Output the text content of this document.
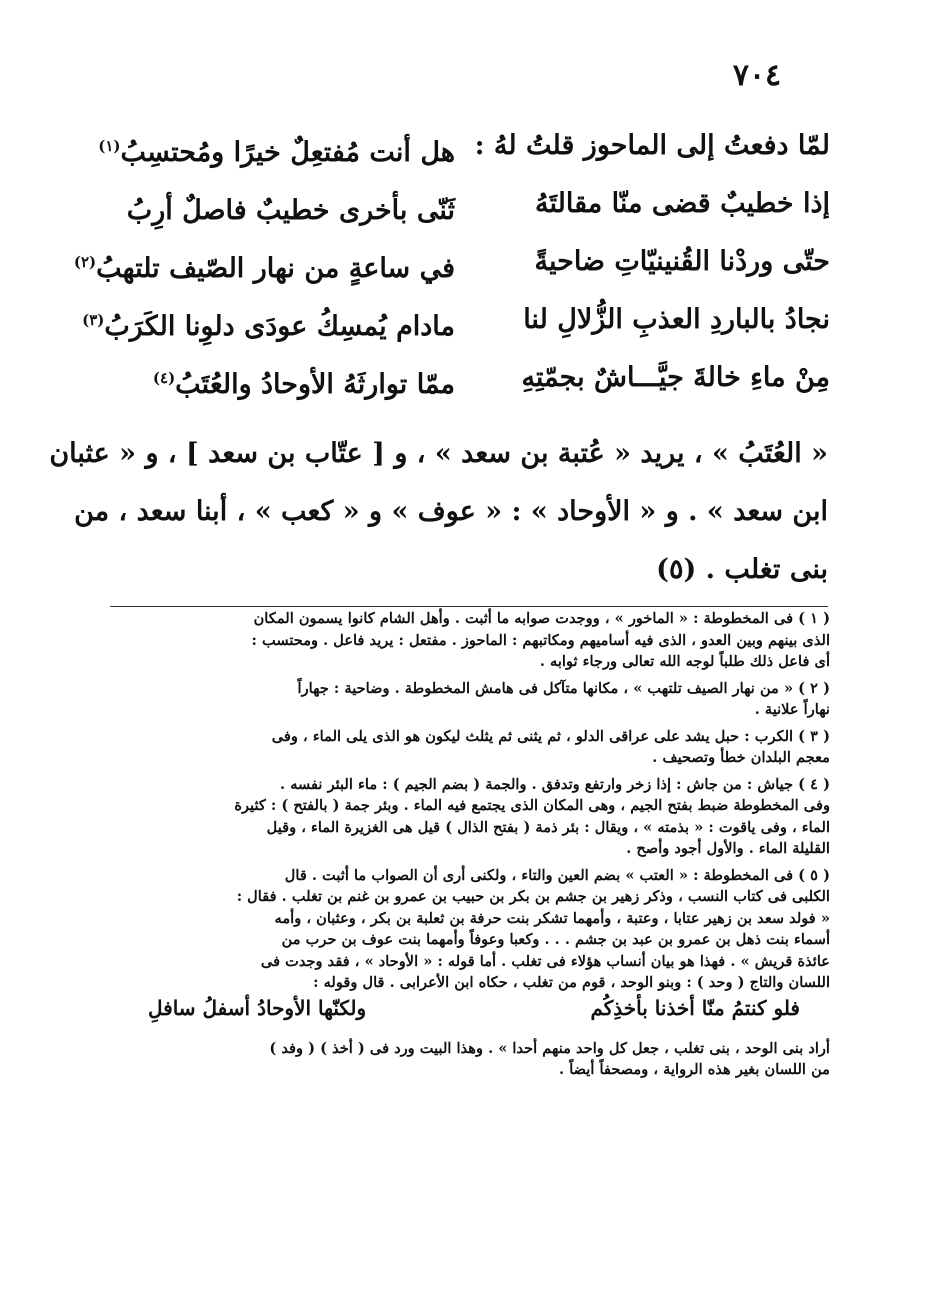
٧٠٤
لمّا دفعتُ إلى الماحوز قلتُ لهُ :
هل أنت مُفتعِلٌ خيرًا ومُحتسِبُ$^{(١)}$
إذا خطيبٌ قضى منّا مقالتَهُ
ثَنّى بأخرى خطيبٌ فاصلٌ أرِبُ
حتّى وردْنا القُنينيّاتِ ضاحيةً
في ساعةٍ من نهار الصّيف تلتهبُ$^{(٢)}$
نجادُ بالباردِ العذبِ الزُّلالِ لنا
مادام يُمسِكُ عودَى دلوِنا الكَرَبُ$^{(٣)}$
مِنْ ماءِ خالةَ جيَّـــاشٌ بجمّتِهِ
ممّا توارثَهُ الأوحادُ والعُتَبُ$^{(٤)}$
« العُتَبُ » ، يريد « عُتبة بن سعد » ، و [ عتّاب بن سعد ] ، و « عثبان
ابن سعد » . و « الأوحاد » : « عوف » و « كعب » ، أبنا سعد ، من
بنى تغلب . (٥)
( ١ ) فى المخطوطة : « الماخور » ، ووجدت صوابه ما أثبت . وأهل الشام كانوا يسمون المكان
الذى بينهم وبين العدو ، الذى فيه أساميهم ومكاتبهم : الماحوز . مفتعل : يريد فاعل . ومحتسب :
أى فاعل ذلك طلباً لوجه الله تعالى ورجاء ثوابه .
( ٢ ) « من نهار الصيف تلتهب » ، مكانها متآكل فى هامش المخطوطة . وضاحية : جهاراً
نهاراً علانية .
( ٣ ) الكرب : حبل يشد على عراقى الدلو ، ثم يثنى ثم يثلث ليكون هو الذى يلى الماء ، وفى
معجم البلدان خطأ وتصحيف .
( ٤ ) جياش : من جاش : إذا زخر وارتفع وتدفق . والجمة ( بضم الجيم ) : ماء البئر نفسه .
وفى المخطوطة ضبط بفتح الجيم ، وهى المكان الذى يجتمع فيه الماء . وبئر جمة ( بالفتح ) : كثيرة
الماء ، وفى ياقوت : « بذمته » ، ويقال : بئر ذمة ( بفتح الذال ) قيل هى الغزيرة الماء ، وقيل
القليلة الماء . والأول أجود وأصح .
( ٥ ) فى المخطوطة : « العتب » بضم العين والتاء ، ولكنى أرى أن الصواب ما أثبت . قال
الكلبى فى كتاب النسب ، وذكر زهير بن جشم بن بكر بن حبيب بن عمرو بن غنم بن تغلب . فقال :
« فولد سعد بن زهير عتابا ، وعتبة ، وأمهما تشكر بنت حرفة بن ثعلبة بن بكر ، وعثبان ، وأمه
أسماء بنت ذهل بن عمرو بن عبد بن جشم . . . وكعبا وعوفاً وأمهما بنت عوف بن حرب من
عائذة قريش » . فهذا هو بيان أنساب هؤلاء فى تغلب . أما قوله : « الأوحاد » ، فقد وجدت فى
اللسان والتاج ( وحد ) : وبنو الوحد ، قوم من تغلب ، حكاه ابن الأعرابى . قال وقوله :
فلو كنتمُ منّا أخذنا بأخذِكُم
ولكنّها الأوحادُ أسفلُ سافلِ
أراد بنى الوحد ، بنى تغلب ، جعل كل واحد منهم أحدا » . وهذا البيت ورد فى ( أخذ ) ( وفد )
من اللسان بغير هذه الرواية ، ومصحفاً أيضاً .
